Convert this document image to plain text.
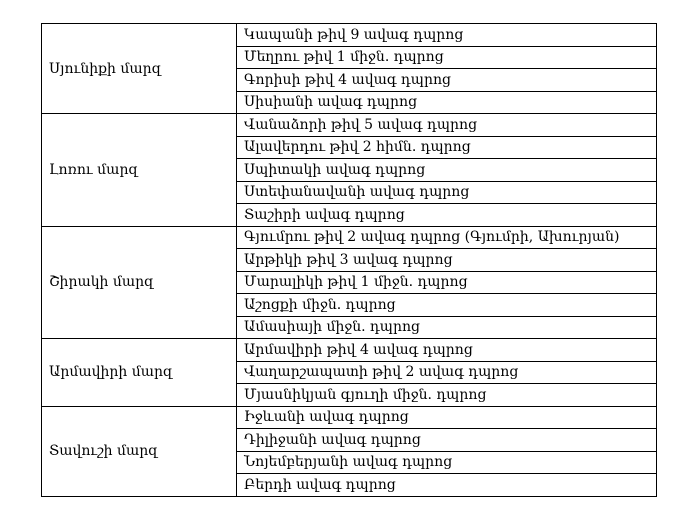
Սյունիքի մարզ	Կապանի թիվ 9 ավագ դպրոց
	Մեղրու թիվ 1 միջն. դպրոց
	Գորիսի թիվ 4 ավագ դպրոց
	Սիսիանի ավագ դպրոց
Լոռու մարզ	Վանաձորի թիվ 5 ավագ դպրոց
	Ալավերդու թիվ 2 հիմն. դպրոց
	Սպիտակի ավագ դպրոց
	Ստեփանավանի ավագ դպրոց
	Տաշիրի ավագ դպրոց
Շիրակի մարզ	Գյումրու թիվ 2 ավագ դպրոց (Գյումրի, Ախուրյան)
	Արթիկի թիվ 3 ավագ դպրոց
	Մարալիկի թիվ 1 միջն. դպրոց
	Աշոցքի միջն. դպրոց
	Ամասիայի միջն. դպրոց
Արմավիրի մարզ	Արմավիրի թիվ 4 ավագ դպրոց
	Վաղարշապատի թիվ 2 ավագ դպրոց
	Մյասնիկյան գյուղի միջն. դպրոց
Տավուշի մարզ	Իջևանի ավագ դպրոց
	Դիլիջանի ավագ դպրոց
	Նոյեմբերյանի ավագ դպրոց
	Բերդի ավագ դպրոց
